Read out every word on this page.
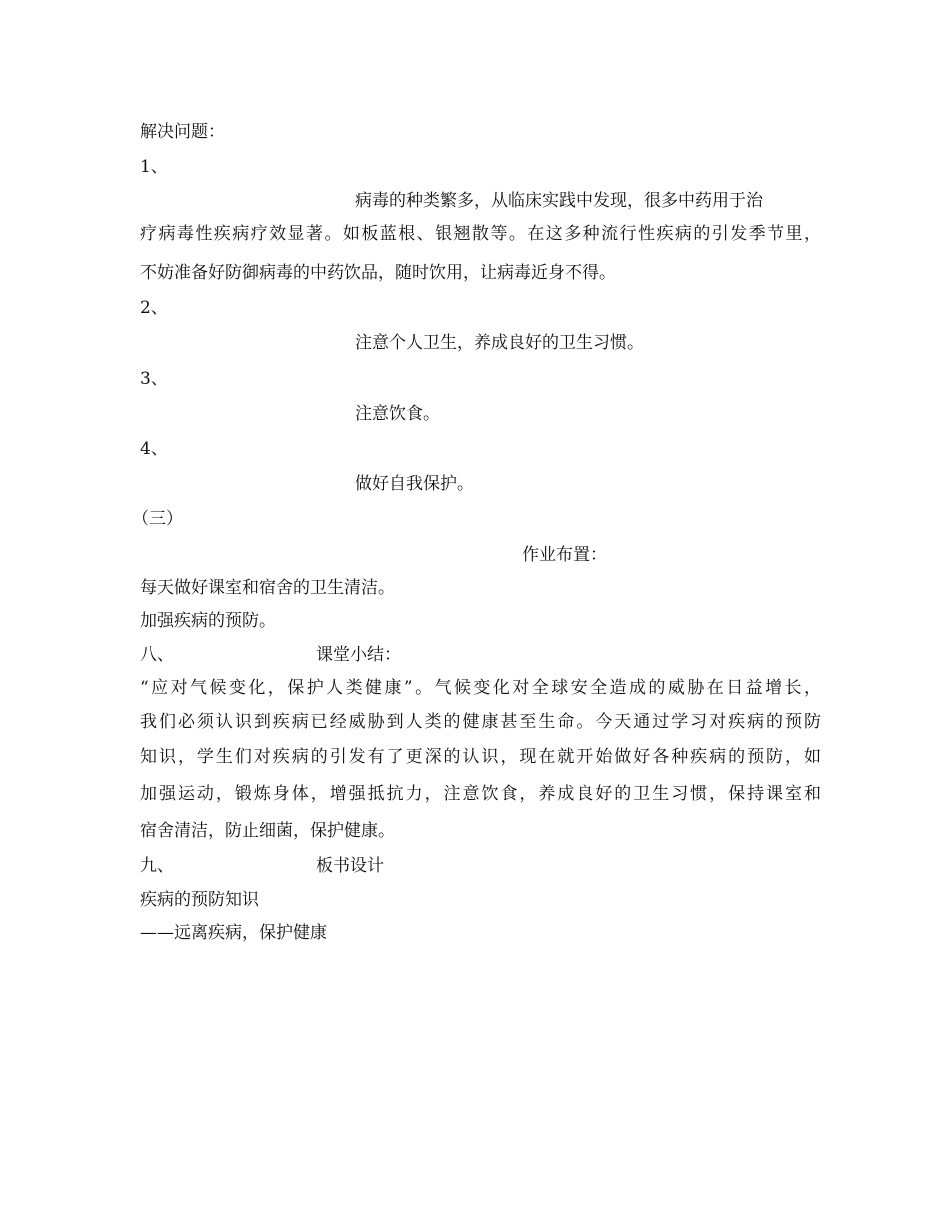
解决问题：
1、
病毒的种类繁多，从临床实践中发现，很多中药用于治
疗病毒性疾病疗效显著。如板蓝根、银翘散等。在这多种流行性疾病的引发季节里，
不妨准备好防御病毒的中药饮品，随时饮用，让病毒近身不得。
2、
注意个人卫生，养成良好的卫生习惯。
3、
注意饮食。
4、
做好自我保护。
（三）
作业布置：
每天做好课室和宿舍的卫生清洁。
加强疾病的预防。
八、	课堂小结：
“应对气候变化，保护人类健康”。气候变化对全球安全造成的威胁在日益增长，
我们必须认识到疾病已经威胁到人类的健康甚至生命。今天通过学习对疾病的预防
知识，学生们对疾病的引发有了更深的认识，现在就开始做好各种疾病的预防，如
加强运动，锻炼身体，增强抵抗力，注意饮食，养成良好的卫生习惯，保持课室和
宿舍清洁，防止细菌，保护健康。
九、	板书设计
疾病的预防知识
——远离疾病，保护健康
